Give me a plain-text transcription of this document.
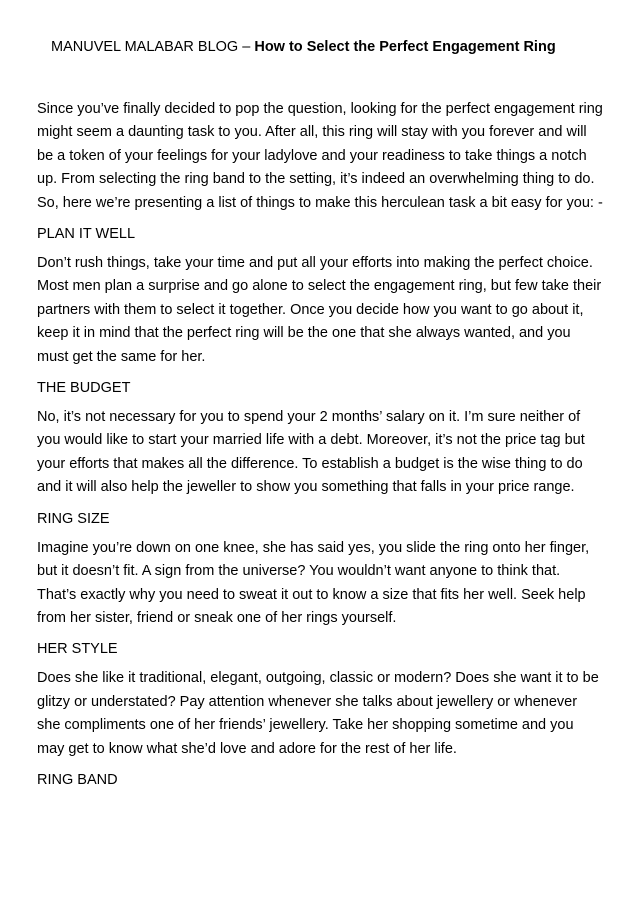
MANUVEL MALABAR BLOG – How to Select the Perfect Engagement Ring

Since you’ve finally decided to pop the question, looking for the perfect engagement ring might seem a daunting task to you. After all, this ring will stay with you forever and will be a token of your feelings for your ladylove and your readiness to take things a notch up. From selecting the ring band to the setting, it’s indeed an overwhelming thing to do. So, here we’re presenting a list of things to make this herculean task a bit easy for you: -

PLAN IT WELL

Don’t rush things, take your time and put all your efforts into making the perfect choice. Most men plan a surprise and go alone to select the engagement ring, but few take their partners with them to select it together. Once you decide how you want to go about it, keep it in mind that the perfect ring will be the one that she always wanted, and you must get the same for her.

THE BUDGET

No, it’s not necessary for you to spend your 2 months’ salary on it. I’m sure neither of you would like to start your married life with a debt. Moreover, it’s not the price tag but your efforts that makes all the difference. To establish a budget is the wise thing to do and it will also help the jeweller to show you something that falls in your price range.

RING SIZE

Imagine you’re down on one knee, she has said yes, you slide the ring onto her finger, but it doesn’t fit. A sign from the universe? You wouldn’t want anyone to think that. That’s exactly why you need to sweat it out to know a size that fits her well. Seek help from her sister, friend or sneak one of her rings yourself.

HER STYLE

Does she like it traditional, elegant, outgoing, classic or modern? Does she want it to be glitzy or understated? Pay attention whenever she talks about jewellery or whenever she compliments one of her friends’ jewellery. Take her shopping sometime and you may get to know what she’d love and adore for the rest of her life.

RING BAND
